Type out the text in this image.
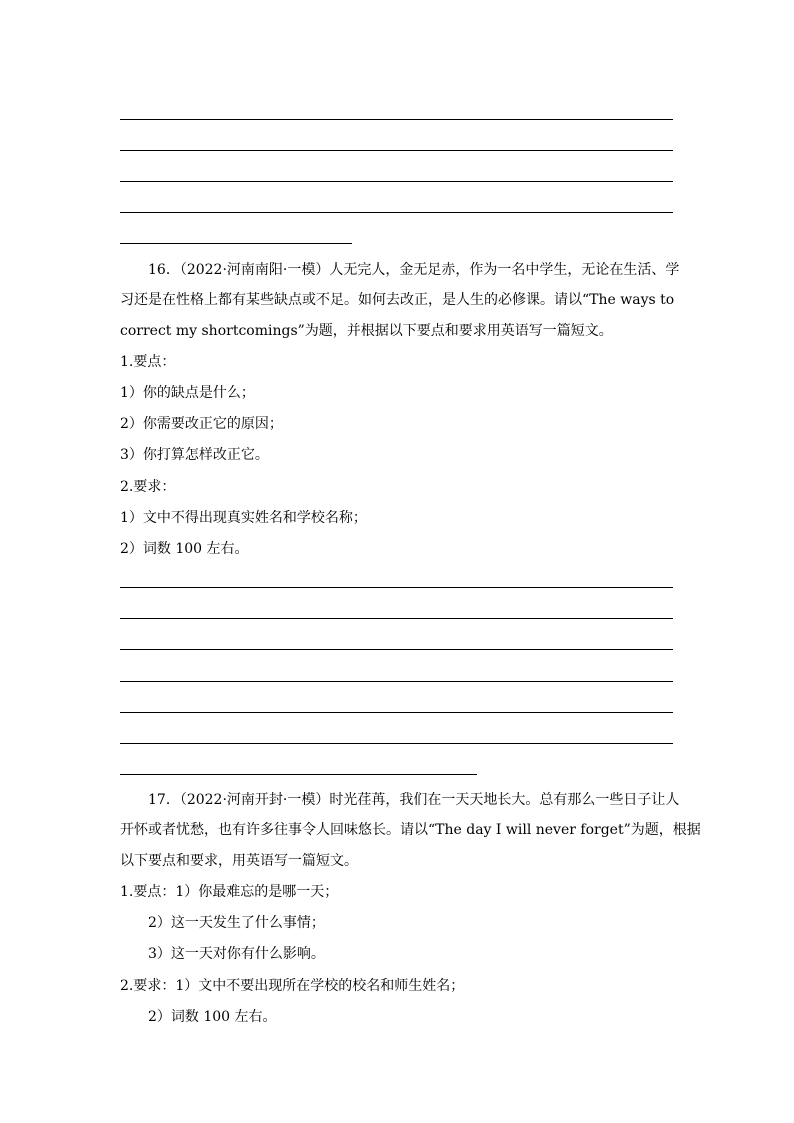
16．（2022·河南南阳·一模）人无完人，金无足赤，作为一名中学生，无论在生活、学
习还是在性格上都有某些缺点或不足。如何去改正，是人生的必修课。请以“The ways to
correct my shortcomings”为题，并根据以下要点和要求用英语写一篇短文。
1.要点：
1）你的缺点是什么；
2）你需要改正它的原因；
3）你打算怎样改正它。
2.要求：
1）文中不得出现真实姓名和学校名称；
2）词数 100 左右。
17．（2022·河南开封·一模）时光荏苒，我们在一天天地长大。总有那么一些日子让人
开怀或者忧愁，也有许多往事令人回味悠长。请以“The day I will never forget”为题，根据
以下要点和要求，用英语写一篇短文。
1.要点：1）你最难忘的是哪一天；
2）这一天发生了什么事情；
3）这一天对你有什么影响。
2.要求：1）文中不要出现所在学校的校名和师生姓名；
2）词数 100 左右。
